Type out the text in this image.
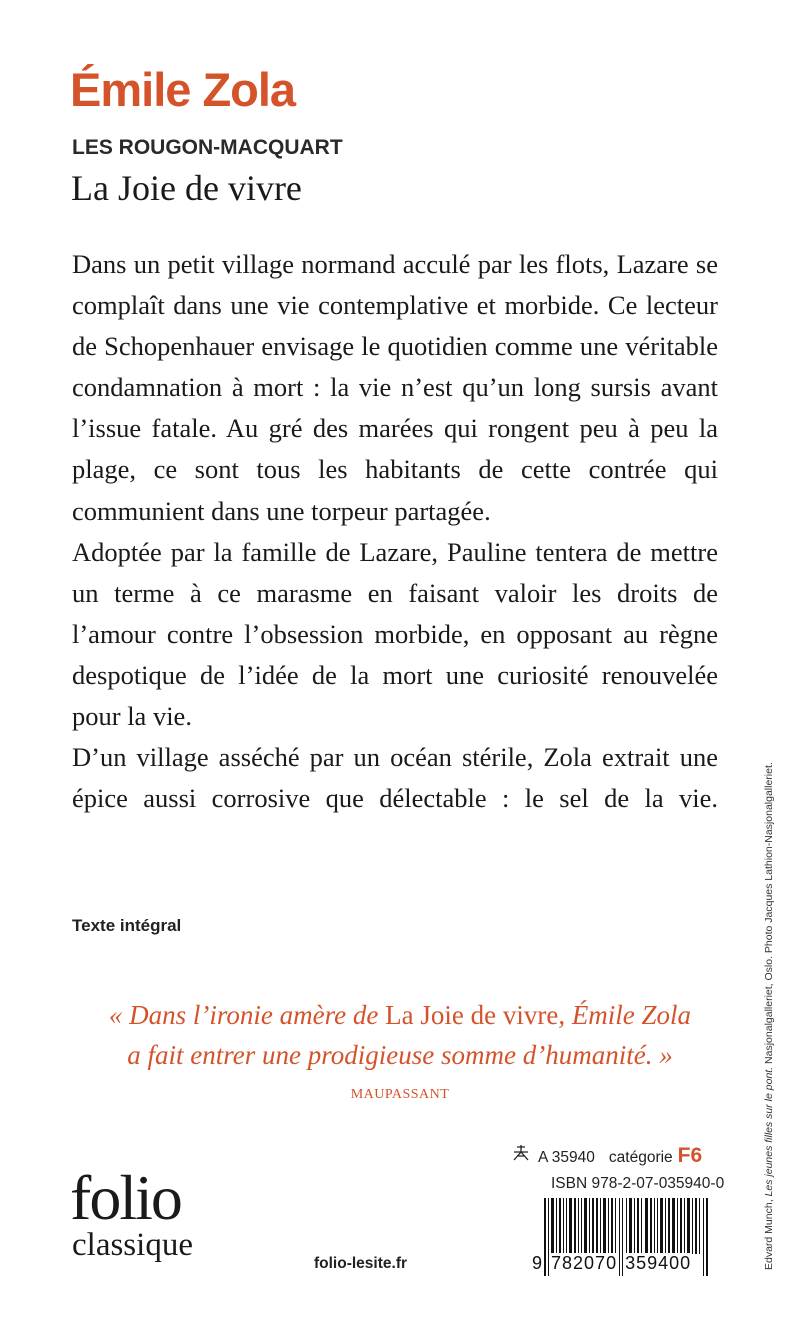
Émile Zola
LES ROUGON-MACQUART
La Joie de vivre

Dans un petit village normand acculé par les flots, Lazare se complaît dans une vie contemplative et morbide. Ce lecteur de Schopenhauer envisage le quotidien comme une véritable condamnation à mort : la vie n’est qu’un long sursis avant l’issue fatale. Au gré des marées qui rongent peu à peu la plage, ce sont tous les habitants de cette contrée qui communient dans une torpeur partagée.

Adoptée par la famille de Lazare, Pauline tentera de mettre un terme à ce marasme en faisant valoir les droits de l’amour contre l’obsession morbide, en opposant au règne despotique de l’idée de la mort une curiosité renouvelée pour la vie.

D’un village asséché par un océan stérile, Zola extrait une épice aussi corrosive que délectable : le sel de la vie.

Texte intégral
« Dans l’ironie amère de La Joie de vivre, Émile Zola
a fait entrer une prodigieuse somme d’humanité. »
MAUPASSANT
folio
classique
folio-lesite.fr
A 35940 catégorie F6
ISBN 978-2-07-035940-0
9 782070 359400	Edvard Munch, Les jeunes filles sur le pont. Nasjonalgalleriet, Oslo. Photo Jacques Lathion-Nasjonalgalleriet.
